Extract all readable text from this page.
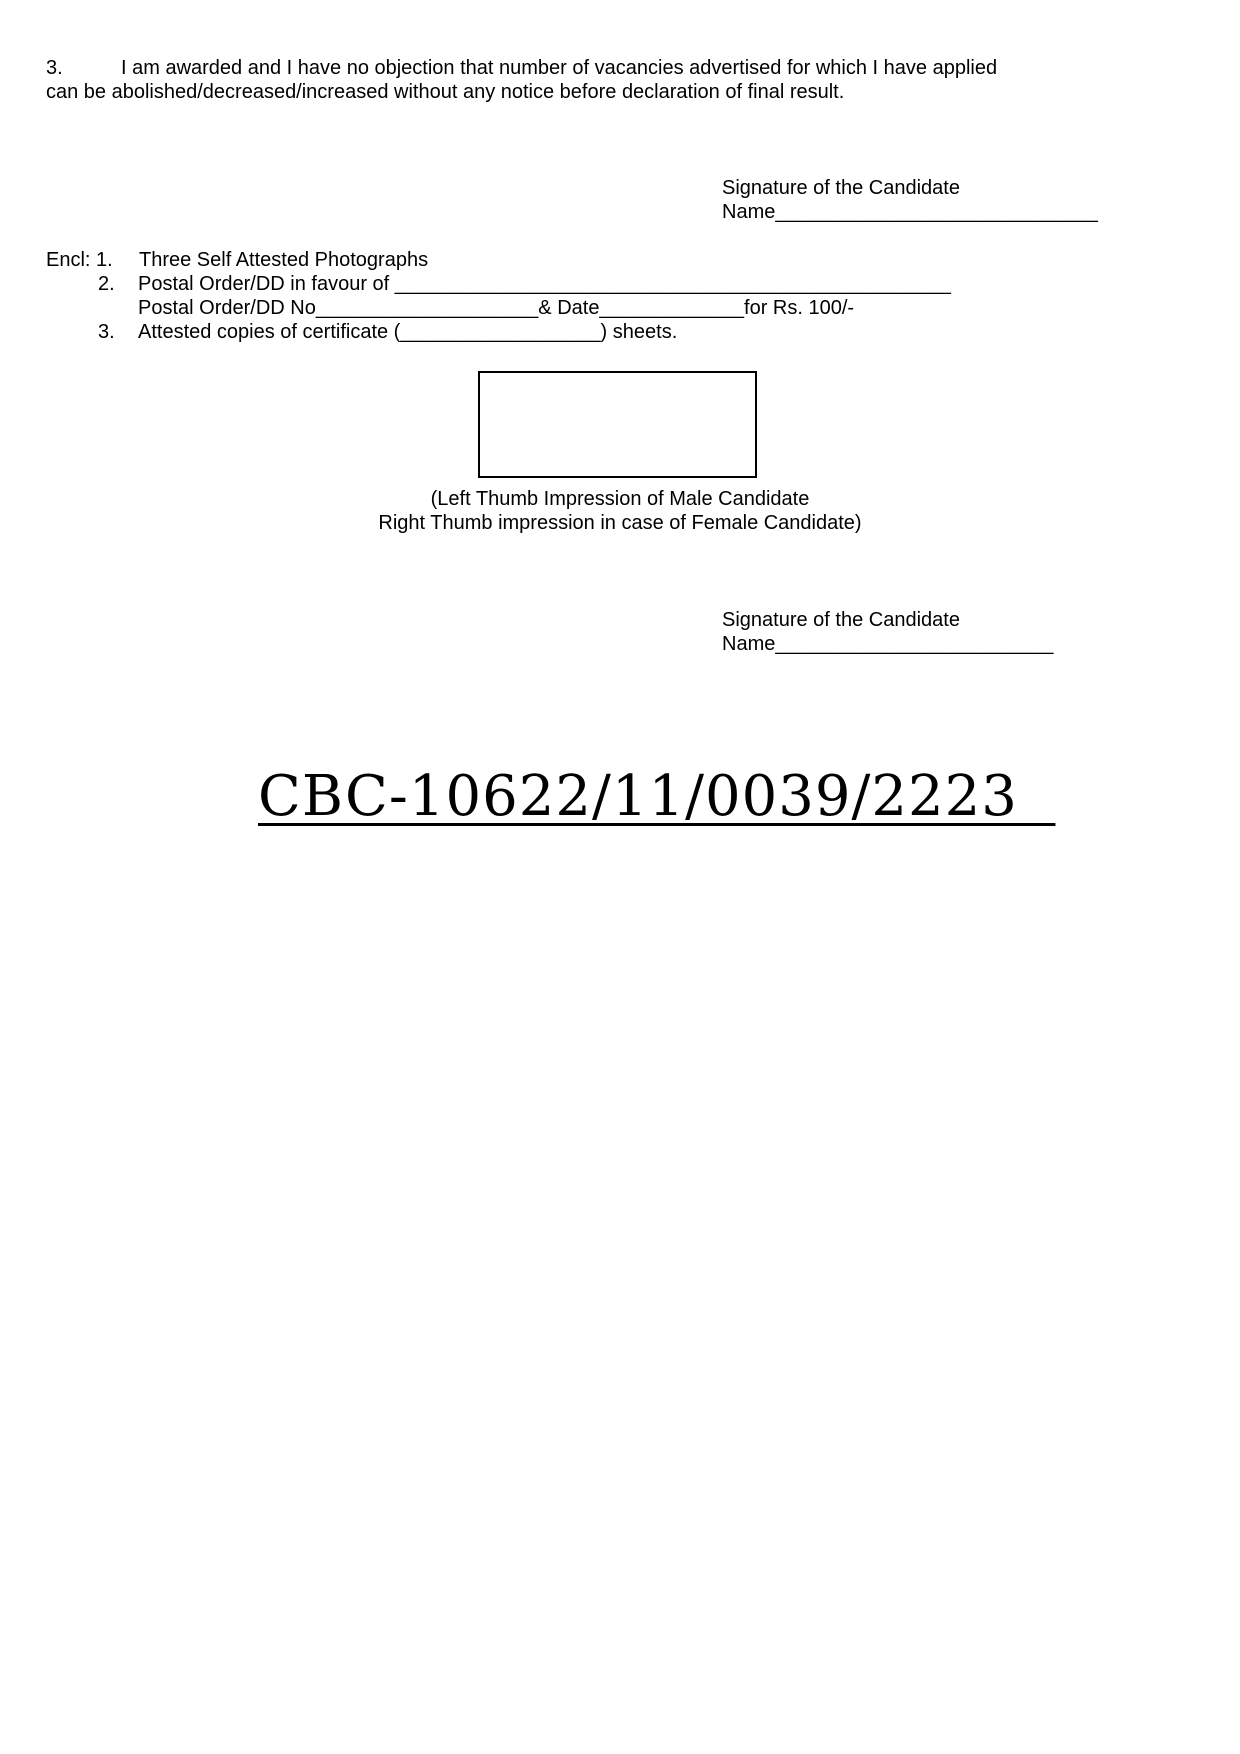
3.	I am awarded and I have no objection that number of vacancies advertised for which I have applied

can be abolished/decreased/increased without any notice before declaration of final result.

Signature of the Candidate

Name_____________________________

Encl: 1. Three Self Attested Photographs

2. Postal Order/DD in favour of __________________________________________________

Postal Order/DD No____________________& Date_____________for Rs. 100/-

3. Attested copies of certificate (__________________) sheets.

(Left Thumb Impression of Male Candidate

Right Thumb impression in case of Female Candidate)

Signature of the Candidate

Name_________________________

CBC-10622/11/0039/2223
